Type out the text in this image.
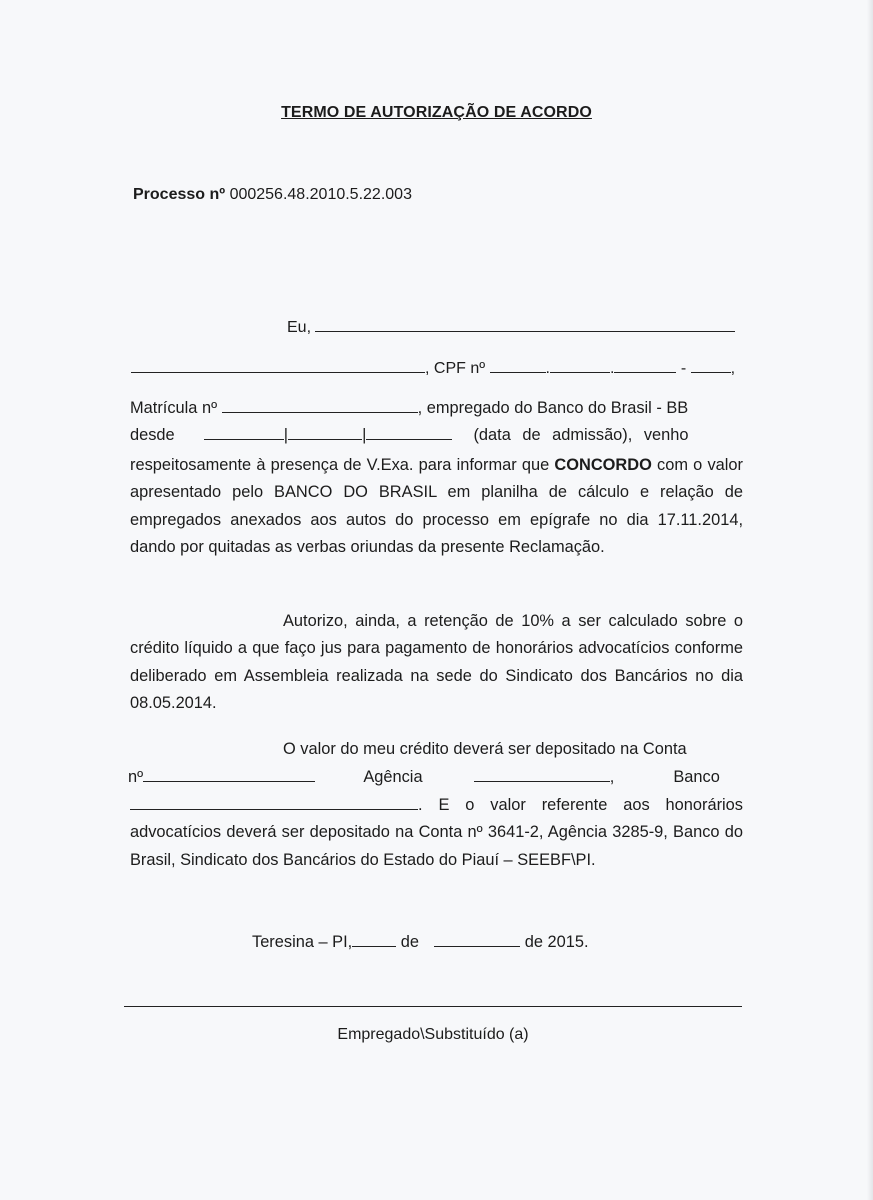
TERMO DE AUTORIZAÇÃO DE ACORDO
Processo nº 000256.48.2010.5.22.003
Eu,
, CPF nº	.	.	-	,
Matrícula nº	, empregado do Banco do Brasil - BB
desde	|	|	(data de admissão), venho

respeitosamente à presença de V.Exa. para informar que CONCORDO com o valor apresentado pelo BANCO DO BRASIL em planilha de cálculo e relação de empregados anexados aos autos do processo em epígrafe no dia 17.11.2014, dando por quitadas as verbas oriundas da presente Reclamação.

Autorizo, ainda, a retenção de 10% a ser calculado sobre o crédito líquido a que faço jus para pagamento de honorários advocatícios conforme deliberado em Assembleia realizada na sede do Sindicato dos Bancários no dia 08.05.2014.

O valor do meu crédito deverá ser depositado na Conta

nº	Agência	,	Banco

. E o valor referente aos honorários advocatícios deverá ser depositado na Conta nº 3641-2, Agência 3285-9, Banco do Brasil, Sindicato dos Bancários do Estado do Piauí – SEEBF\PI.

Teresina – PI,	de	de 2015.
Empregado\Substituído (a)
